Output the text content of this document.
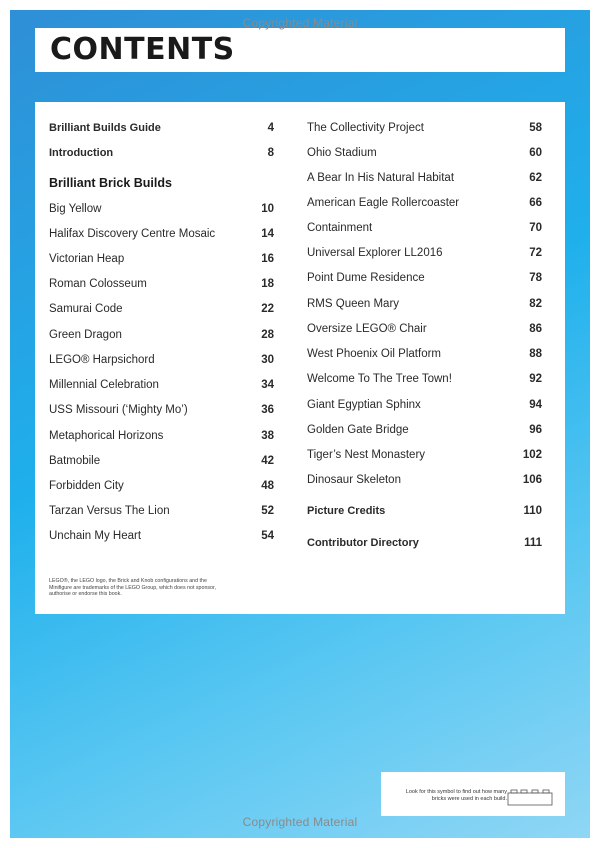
Copyrighted Material
CONTENTS
Brilliant Builds Guide	4
Introduction	8
Brilliant Brick Builds
Big Yellow	10
Halifax Discovery Centre Mosaic	14
Victorian Heap	16
Roman Colosseum	18
Samurai Code	22
Green Dragon	28
LEGO® Harpsichord	30
Millennial Celebration	34
USS Missouri (‘Mighty Mo’)	36
Metaphorical Horizons	38
Batmobile	42
Forbidden City	48
Tarzan Versus The Lion	52
Unchain My Heart	54
The Collectivity Project	58
Ohio Stadium	60
A Bear In His Natural Habitat	62
American Eagle Rollercoaster	66
Containment	70
Universal Explorer LL2016	72
Point Dume Residence	78
RMS Queen Mary	82
Oversize LEGO® Chair	86
West Phoenix Oil Platform	88
Welcome To The Tree Town!	92
Giant Egyptian Sphinx	94
Golden Gate Bridge	96
Tiger’s Nest Monastery	102
Dinosaur Skeleton	106
Picture Credits	110
Contributor Directory	111
LEGO®, the LEGO logo, the Brick and Knob configurations and the Minifigure are trademarks of the LEGO Group, which does not sponsor, authorise or endorse this book.
Look for this symbol to find out how many bricks were used in each build.
Copyrighted Material
